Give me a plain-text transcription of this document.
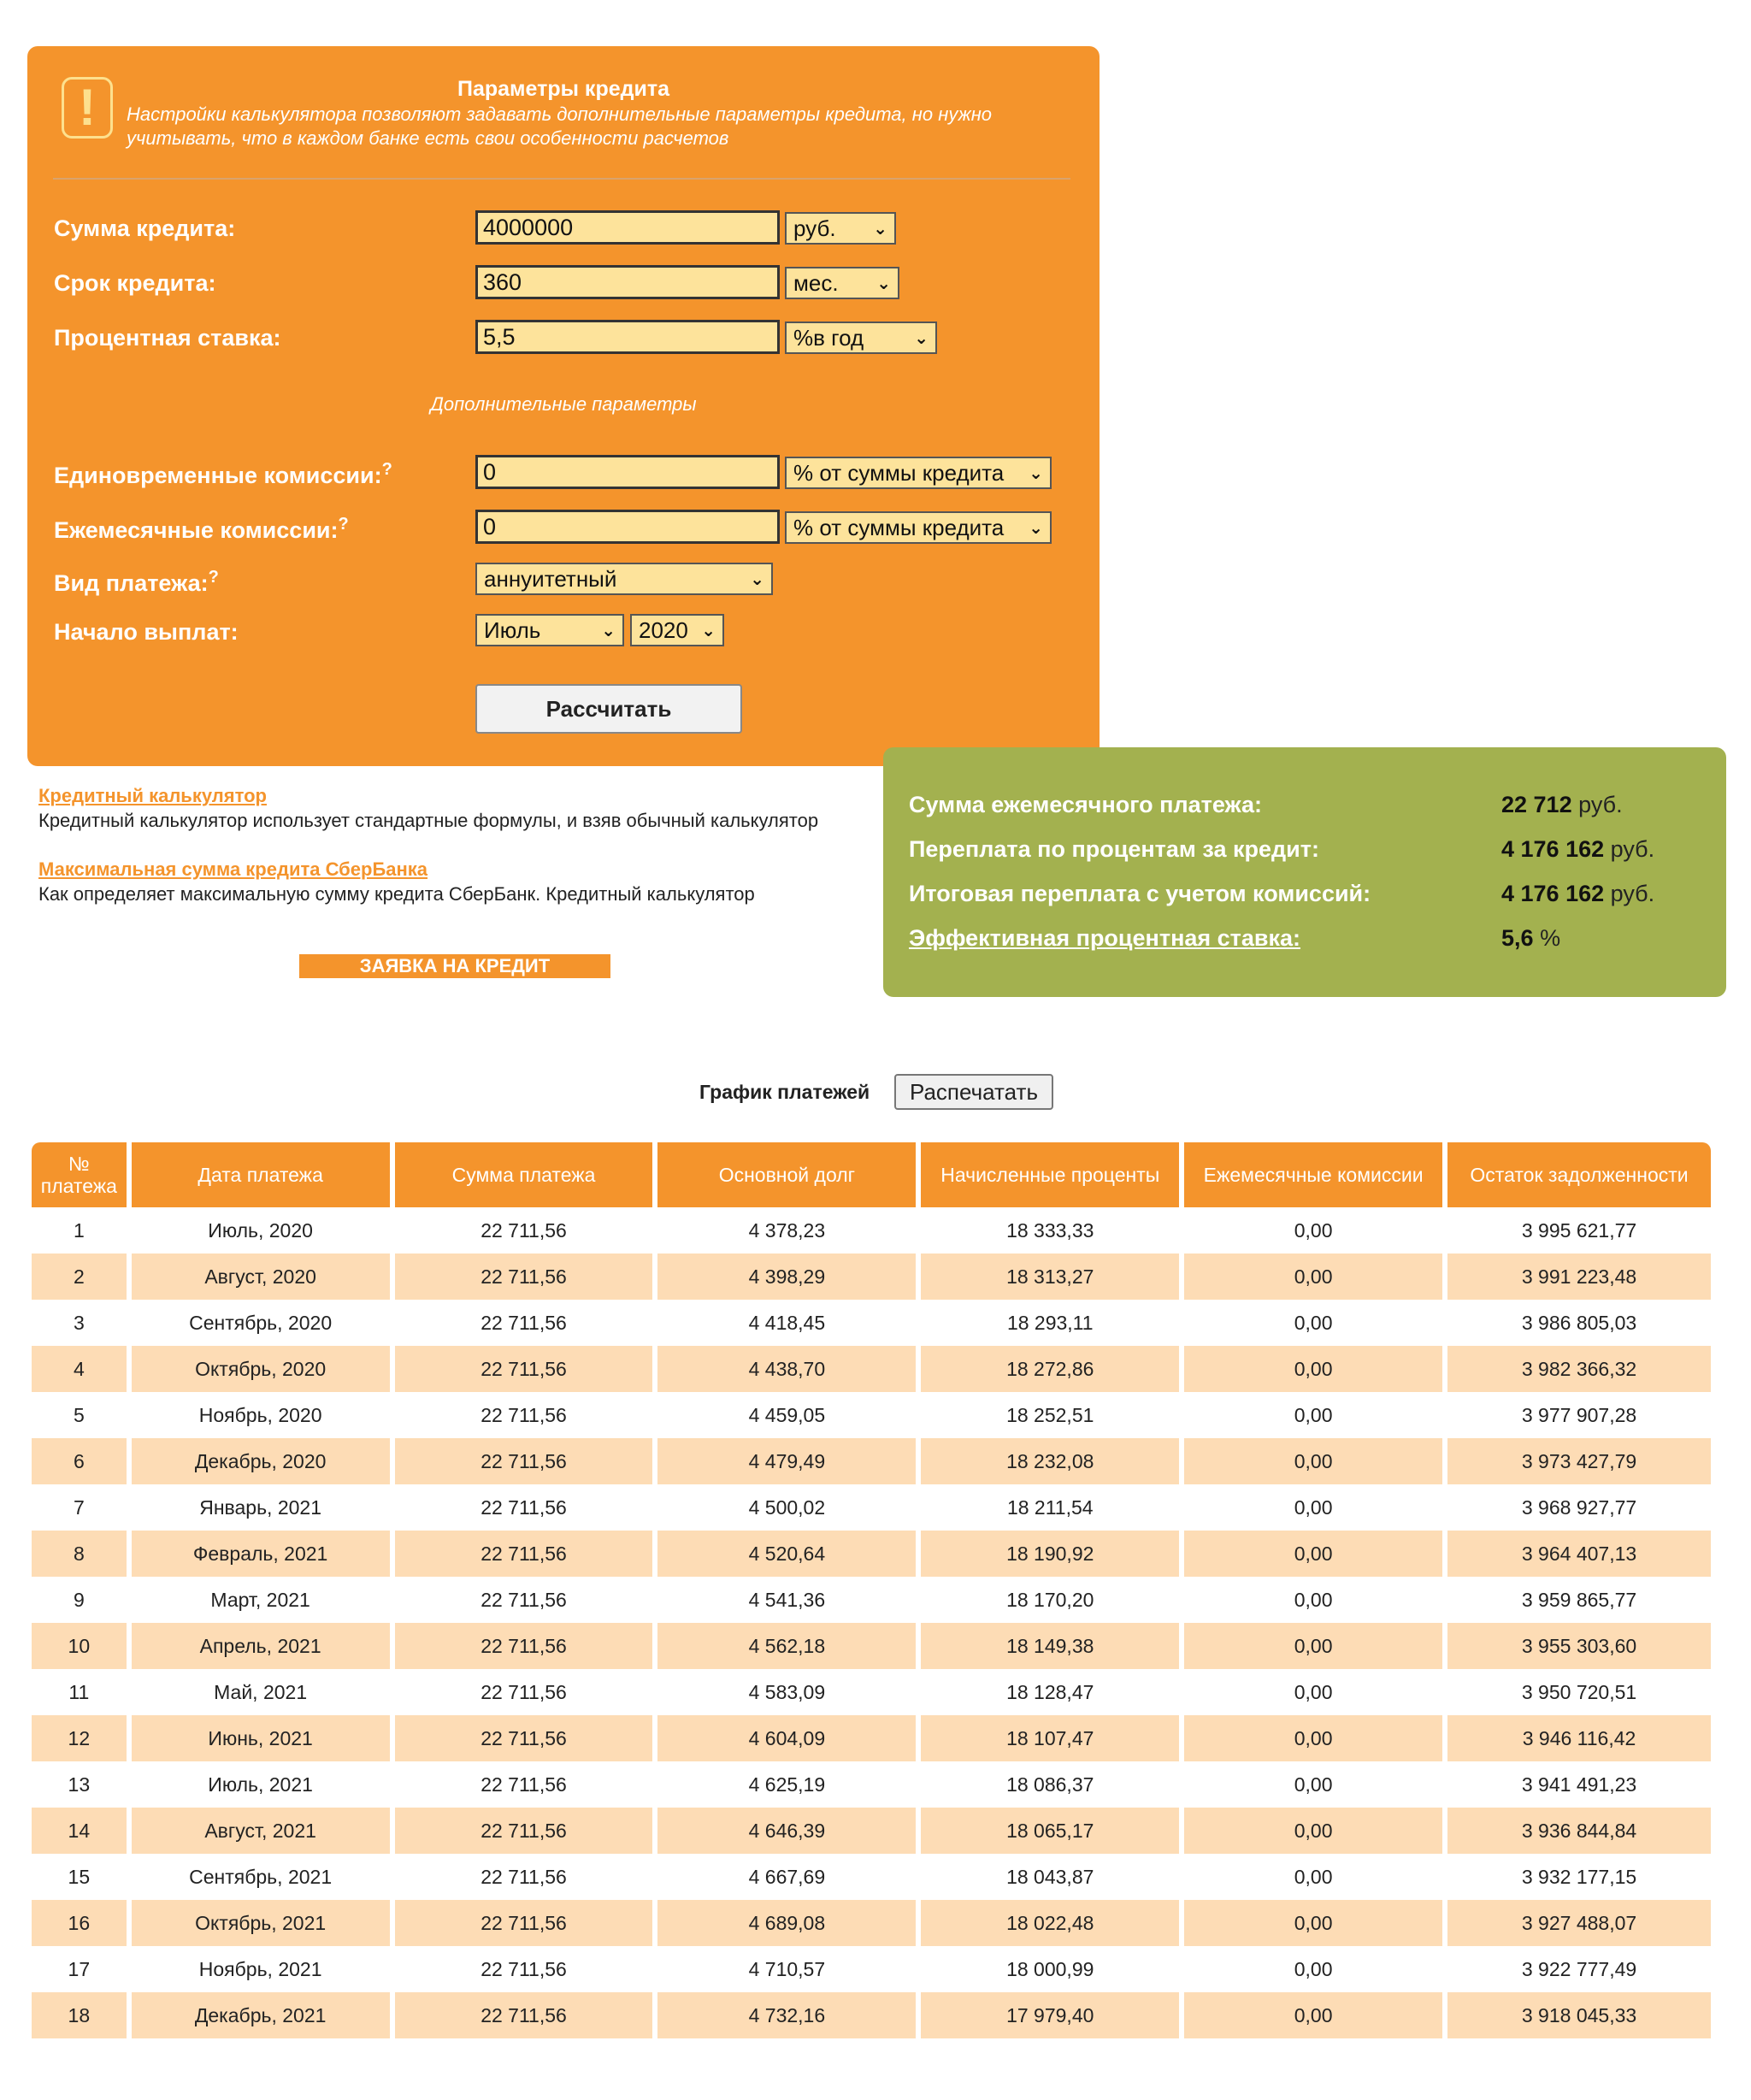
!	Параметры кредита
Настройки калькулятора позволяют задавать дополнительные параметры кредита, но нужно учитывать, что в каждом банке есть свои особенности расчетов
Сумма кредита:
4000000	руб. ⌄
Срок кредита:
360	мес. ⌄
Процентная ставка:
5,5	%в год	⌄
Дополнительные параметры
Единовременные комиссии:?
0	% от суммы кредита ⌄
Ежемесячные комиссии:?
0	% от суммы кредита ⌄
Вид платежа:?	аннуитетный	⌄
Начало выплат:	Июль	⌄ 2020 ⌄
Рассчитать
Кредитный калькулятор
Кредитный калькулятор использует стандартные формулы, и взяв обычный калькулятор
Максимальная сумма кредита СберБанка
Как определяет максимальную сумму кредита СберБанк. Кредитный калькулятор
ЗАЯВКА НА КРЕДИТ
Сумма ежемесячного платежа:	22 712 руб.
Переплата по процентам за кредит:	4 176 162 руб.
Итоговая переплата с учетом комиссий:	4 176 162 руб.
Эффективная процентная ставка:	5,6 %
График платежей	Распечатать
№ платежа	Дата платежа	Сумма платежа	Основной долг	Начисленные проценты	Ежемесячные комиссии	Остаток задолженности
1	Июль, 2020	22 711,56	4 378,23	18 333,33	0,00	3 995 621,77
2	Август, 2020	22 711,56	4 398,29	18 313,27	0,00	3 991 223,48
3	Сентябрь, 2020	22 711,56	4 418,45	18 293,11	0,00	3 986 805,03
4	Октябрь, 2020	22 711,56	4 438,70	18 272,86	0,00	3 982 366,32
5	Ноябрь, 2020	22 711,56	4 459,05	18 252,51	0,00	3 977 907,28
6	Декабрь, 2020	22 711,56	4 479,49	18 232,08	0,00	3 973 427,79
7	Январь, 2021	22 711,56	4 500,02	18 211,54	0,00	3 968 927,77
8	Февраль, 2021	22 711,56	4 520,64	18 190,92	0,00	3 964 407,13
9	Март, 2021	22 711,56	4 541,36	18 170,20	0,00	3 959 865,77
10	Апрель, 2021	22 711,56	4 562,18	18 149,38	0,00	3 955 303,60
11	Май, 2021	22 711,56	4 583,09	18 128,47	0,00	3 950 720,51
12	Июнь, 2021	22 711,56	4 604,09	18 107,47	0,00	3 946 116,42
13	Июль, 2021	22 711,56	4 625,19	18 086,37	0,00	3 941 491,23
14	Август, 2021	22 711,56	4 646,39	18 065,17	0,00	3 936 844,84
15	Сентябрь, 2021	22 711,56	4 667,69	18 043,87	0,00	3 932 177,15
16	Октябрь, 2021	22 711,56	4 689,08	18 022,48	0,00	3 927 488,07
17	Ноябрь, 2021	22 711,56	4 710,57	18 000,99	0,00	3 922 777,49
18	Декабрь, 2021	22 711,56	4 732,16	17 979,40	0,00	3 918 045,33
